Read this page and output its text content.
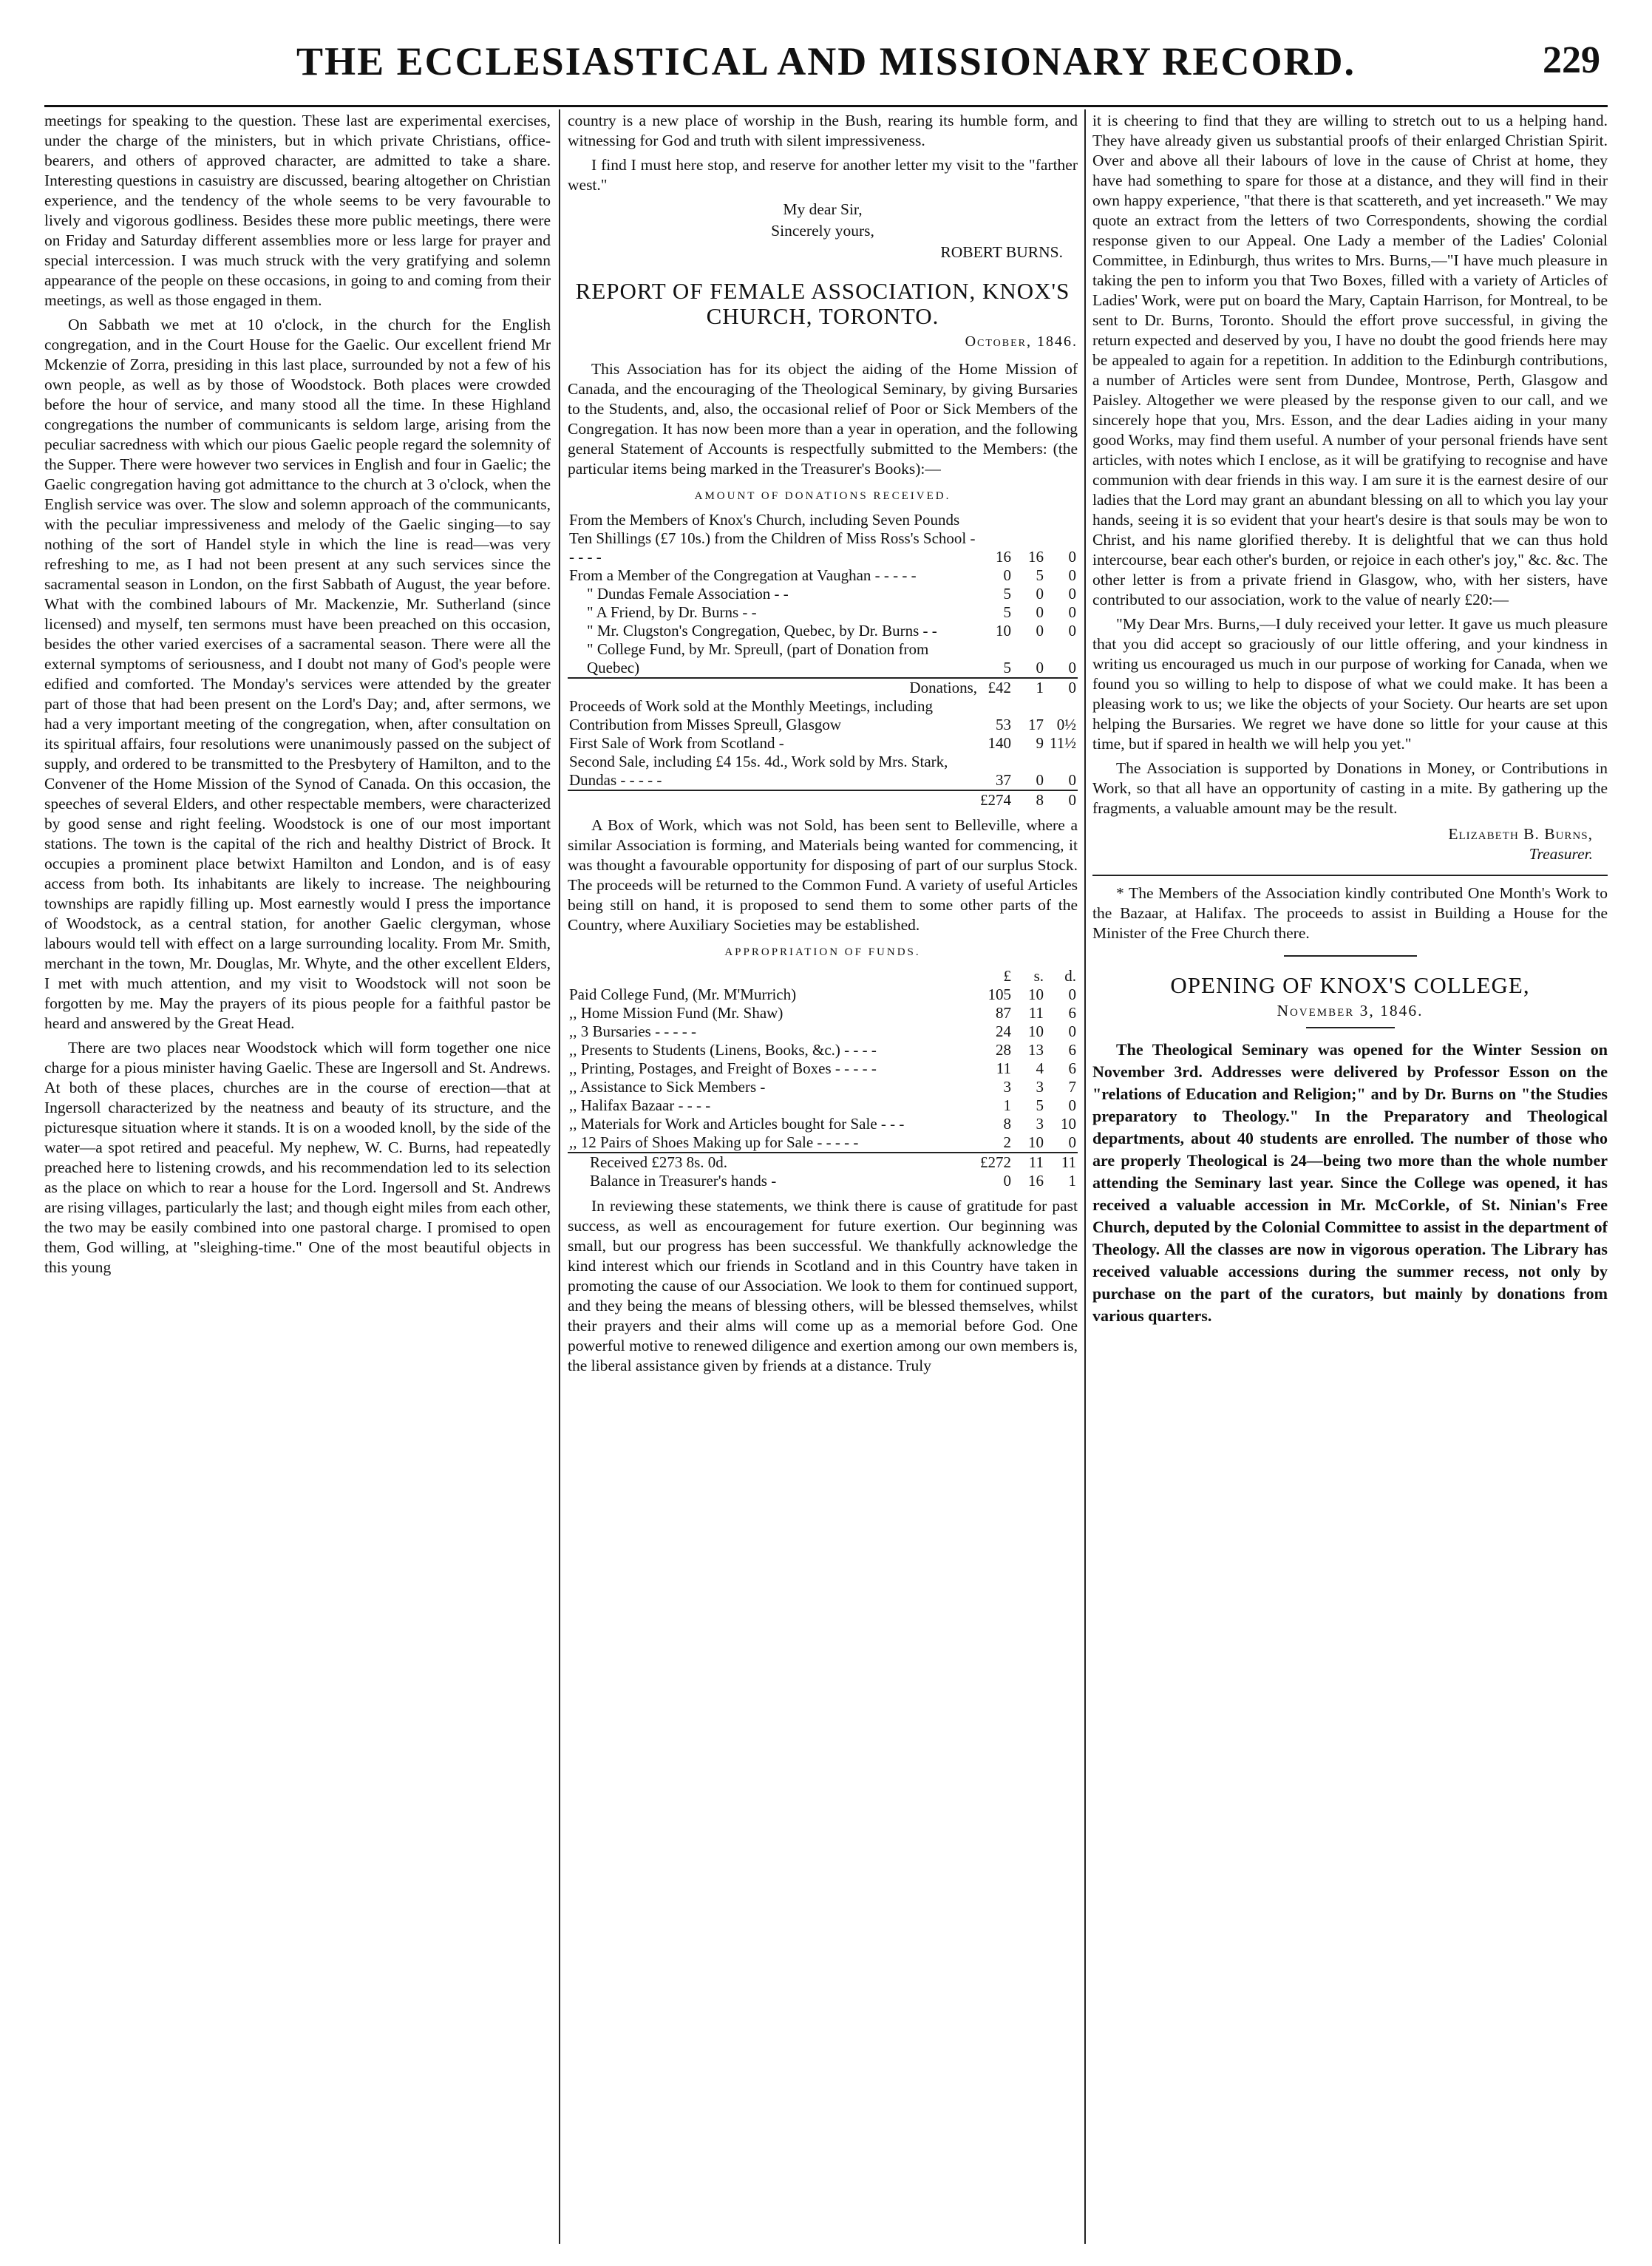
THE ECCLESIASTICAL AND MISSIONARY RECORD.	229

meetings for speaking to the question. These last are experimental exercises, under the charge of the ministers, but in which private Christians, office-bearers, and others of approved character, are admitted to take a share. Interesting questions in casuistry are discussed, bearing altogether on Christian experience, and the tendency of the whole seems to be very favourable to lively and vigorous godliness. Besides these more public meetings, there were on Friday and Saturday different assemblies more or less large for prayer and special intercession. I was much struck with the very gratifying and solemn appearance of the people on these occasions, in going to and coming from their meetings, as well as those engaged in them.

On Sabbath we met at 10 o'clock, in the church for the English congregation, and in the Court House for the Gaelic. Our excellent friend Mr Mckenzie of Zorra, presiding in this last place, surrounded by not a few of his own people, as well as by those of Woodstock. Both places were crowded before the hour of service, and many stood all the time. In these Highland congregations the number of communicants is seldom large, arising from the peculiar sacredness with which our pious Gaelic people regard the solemnity of the Supper. There were however two services in English and four in Gaelic; the Gaelic congregation having got admittance to the church at 3 o'clock, when the English service was over. The slow and solemn approach of the communicants, with the peculiar impressiveness and melody of the Gaelic singing—to say nothing of the sort of Handel style in which the line is read—was very refreshing to me, as I had not been present at any such services since the sacramental season in London, on the first Sabbath of August, the year before. What with the combined labours of Mr. Mackenzie, Mr. Sutherland (since licensed) and myself, ten sermons must have been preached on this occasion, besides the other varied exercises of a sacramental season. There were all the external symptoms of seriousness, and I doubt not many of God's people were edified and comforted. The Monday's services were attended by the greater part of those that had been present on the Lord's Day; and, after sermons, we had a very important meeting of the congregation, when, after consultation on its spiritual affairs, four resolutions were unanimously passed on the subject of supply, and ordered to be transmitted to the Presbytery of Hamilton, and to the Convener of the Home Mission of the Synod of Canada. On this occasion, the speeches of several Elders, and other respectable members, were characterized by good sense and right feeling. Woodstock is one of our most important stations. The town is the capital of the rich and healthy District of Brock. It occupies a prominent place betwixt Hamilton and London, and is of easy access from both. Its inhabitants are likely to increase. The neighbouring townships are rapidly filling up. Most earnestly would I press the importance of Woodstock, as a central station, for another Gaelic clergyman, whose labours would tell with effect on a large surrounding locality. From Mr. Smith, merchant in the town, Mr. Douglas, Mr. Whyte, and the other excellent Elders, I met with much attention, and my visit to Woodstock will not soon be forgotten by me. May the prayers of its pious people for a faithful pastor be heard and answered by the Great Head.

There are two places near Woodstock which will form together one nice charge for a pious minister having Gaelic. These are Ingersoll and St. Andrews. At both of these places, churches are in the course of erection—that at Ingersoll characterized by the neatness and beauty of its structure, and the picturesque situation where it stands. It is on a wooded knoll, by the side of the water—a spot retired and peaceful. My nephew, W. C. Burns, had repeatedly preached here to listening crowds, and his recommendation led to its selection as the place on which to rear a house for the Lord. Ingersoll and St. Andrews are rising villages, particularly the last; and though eight miles from each other, the two may be easily combined into one pastoral charge. I promised to open them, God willing, at "sleighing-time." One of the most beautiful objects in this young

country is a new place of worship in the Bush, rearing its humble form, and witnessing for God and truth with silent impressiveness.

I find I must here stop, and reserve for another letter my visit to the "farther west."

My dear Sir,

Sincerely yours,

ROBERT BURNS.

REPORT OF FEMALE ASSOCIATION, KNOX'S CHURCH, TORONTO.

October, 1846.

This Association has for its object the aiding of the Home Mission of Canada, and the encouraging of the Theological Seminary, by giving Bursaries to the Students, and, also, the occasional relief of Poor or Sick Members of the Congregation. It has now been more than a year in operation, and the following general Statement of Accounts is respectfully submitted to the Members: (the particular items being marked in the Treasurer's Books):—

AMOUNT OF DONATIONS RECEIVED.

From the Members of Knox's Church, including Seven Pounds Ten Shillings (£7 10s.) from the Children of Miss Ross's School - - - - -	16	16	0
From a Member of the Congregation at Vaughan - - - - -	0	5	0
" Dundas Female Association - -	5	0	0
" A Friend, by Dr. Burns - -	5	0	0
" Mr. Clugston's Congregation, Quebec, by Dr. Burns - -	10	0	0
" College Fund, by Mr. Spreull, (part of Donation from Quebec)	5	0	0
Donations,	£42	1	0
Proceeds of Work sold at the Monthly Meetings, including Contribution from Misses Spreull, Glasgow	53	17	0½
First Sale of Work from Scotland -	140	9	11½
Second Sale, including £4 15s. 4d., Work sold by Mrs. Stark, Dundas - - - - -	37	0	0
	£274	8	0

A Box of Work, which was not Sold, has been sent to Belleville, where a similar Association is forming, and Materials being wanted for commencing, it was thought a favourable opportunity for disposing of part of our surplus Stock. The proceeds will be returned to the Common Fund. A variety of useful Articles being still on hand, it is proposed to send them to some other parts of the Country, where Auxiliary Societies may be established.

APPROPRIATION OF FUNDS.

	£	s.	d.
Paid College Fund, (Mr. M'Murrich)	105	10	0
,, Home Mission Fund (Mr. Shaw)	87	11	6
,, 3 Bursaries - - - - -	24	10	0
,, Presents to Students (Linens, Books, &c.) - - - -	28	13	6
,, Printing, Postages, and Freight of Boxes - - - - -	11	4	6
,, Assistance to Sick Members -	3	3	7
,, Halifax Bazaar - - - -	1	5	0
,, Materials for Work and Articles bought for Sale - - -	8	3	10
,, 12 Pairs of Shoes Making up for Sale - - - - -	2	10	0
Received £273 8s. 0d.	£272	11	11
Balance in Treasurer's hands -	0	16	1

In reviewing these statements, we think there is cause of gratitude for past success, as well as encouragement for future exertion. Our beginning was small, but our progress has been successful. We thankfully acknowledge the kind interest which our friends in Scotland and in this Country have taken in promoting the cause of our Association. We look to them for continued support, and they being the means of blessing others, will be blessed themselves, whilst their prayers and their alms will come up as a memorial before God. One powerful motive to renewed diligence and exertion among our own members is, the liberal assistance given by friends at a distance. Truly

it is cheering to find that they are willing to stretch out to us a helping hand. They have already given us substantial proofs of their enlarged Christian Spirit. Over and above all their labours of love in the cause of Christ at home, they have had something to spare for those at a distance, and they will find in their own happy experience, "that there is that scattereth, and yet increaseth." We may quote an extract from the letters of two Correspondents, showing the cordial response given to our Appeal. One Lady a member of the Ladies' Colonial Committee, in Edinburgh, thus writes to Mrs. Burns,—"I have much pleasure in taking the pen to inform you that Two Boxes, filled with a variety of Articles of Ladies' Work, were put on board the Mary, Captain Harrison, for Montreal, to be sent to Dr. Burns, Toronto. Should the effort prove successful, in giving the return expected and deserved by you, I have no doubt the good friends here may be appealed to again for a repetition. In addition to the Edinburgh contributions, a number of Articles were sent from Dundee, Montrose, Perth, Glasgow and Paisley. Altogether we were pleased by the response given to our call, and we sincerely hope that you, Mrs. Esson, and the dear Ladies aiding in your many good Works, may find them useful. A number of your personal friends have sent articles, with notes which I enclose, as it will be gratifying to recognise and have communion with dear friends in this way. I am sure it is the earnest desire of our ladies that the Lord may grant an abundant blessing on all to which you lay your hands, seeing it is so evident that your heart's desire is that souls may be won to Christ, and his name glorified thereby. It is delightful that we can thus hold intercourse, bear each other's burden, or rejoice in each other's joy," &c. &c. The other letter is from a private friend in Glasgow, who, with her sisters, have contributed to our association, work to the value of nearly £20:—

"My Dear Mrs. Burns,—I duly received your letter. It gave us much pleasure that you did accept so graciously of our little offering, and your kindness in writing us encouraged us much in our purpose of working for Canada, when we found you so willing to help to dispose of what we could make. It has been a pleasing work to us; we like the objects of your Society. Our hearts are set upon helping the Bursaries. We regret we have done so little for your cause at this time, but if spared in health we will help you yet."

The Association is supported by Donations in Money, or Contributions in Work, so that all have an opportunity of casting in a mite. By gathering up the fragments, a valuable amount may be the result.

Elizabeth B. Burns,

Treasurer.

* The Members of the Association kindly contributed One Month's Work to the Bazaar, at Halifax. The proceeds to assist in Building a House for the Minister of the Free Church there.

OPENING OF KNOX'S COLLEGE,

November 3, 1846.

The Theological Seminary was opened for the Winter Session on November 3rd. Addresses were delivered by Professor Esson on the "relations of Education and Religion;" and by Dr. Burns on "the Studies preparatory to Theology." In the Preparatory and Theological departments, about 40 students are enrolled. The number of those who are properly Theological is 24—being two more than the whole number attending the Seminary last year. Since the College was opened, it has received a valuable accession in Mr. McCorkle, of St. Ninian's Free Church, deputed by the Colonial Committee to assist in the department of Theology. All the classes are now in vigorous operation. The Library has received valuable accessions during the summer recess, not only by purchase on the part of the curators, but mainly by donations from various quarters.
